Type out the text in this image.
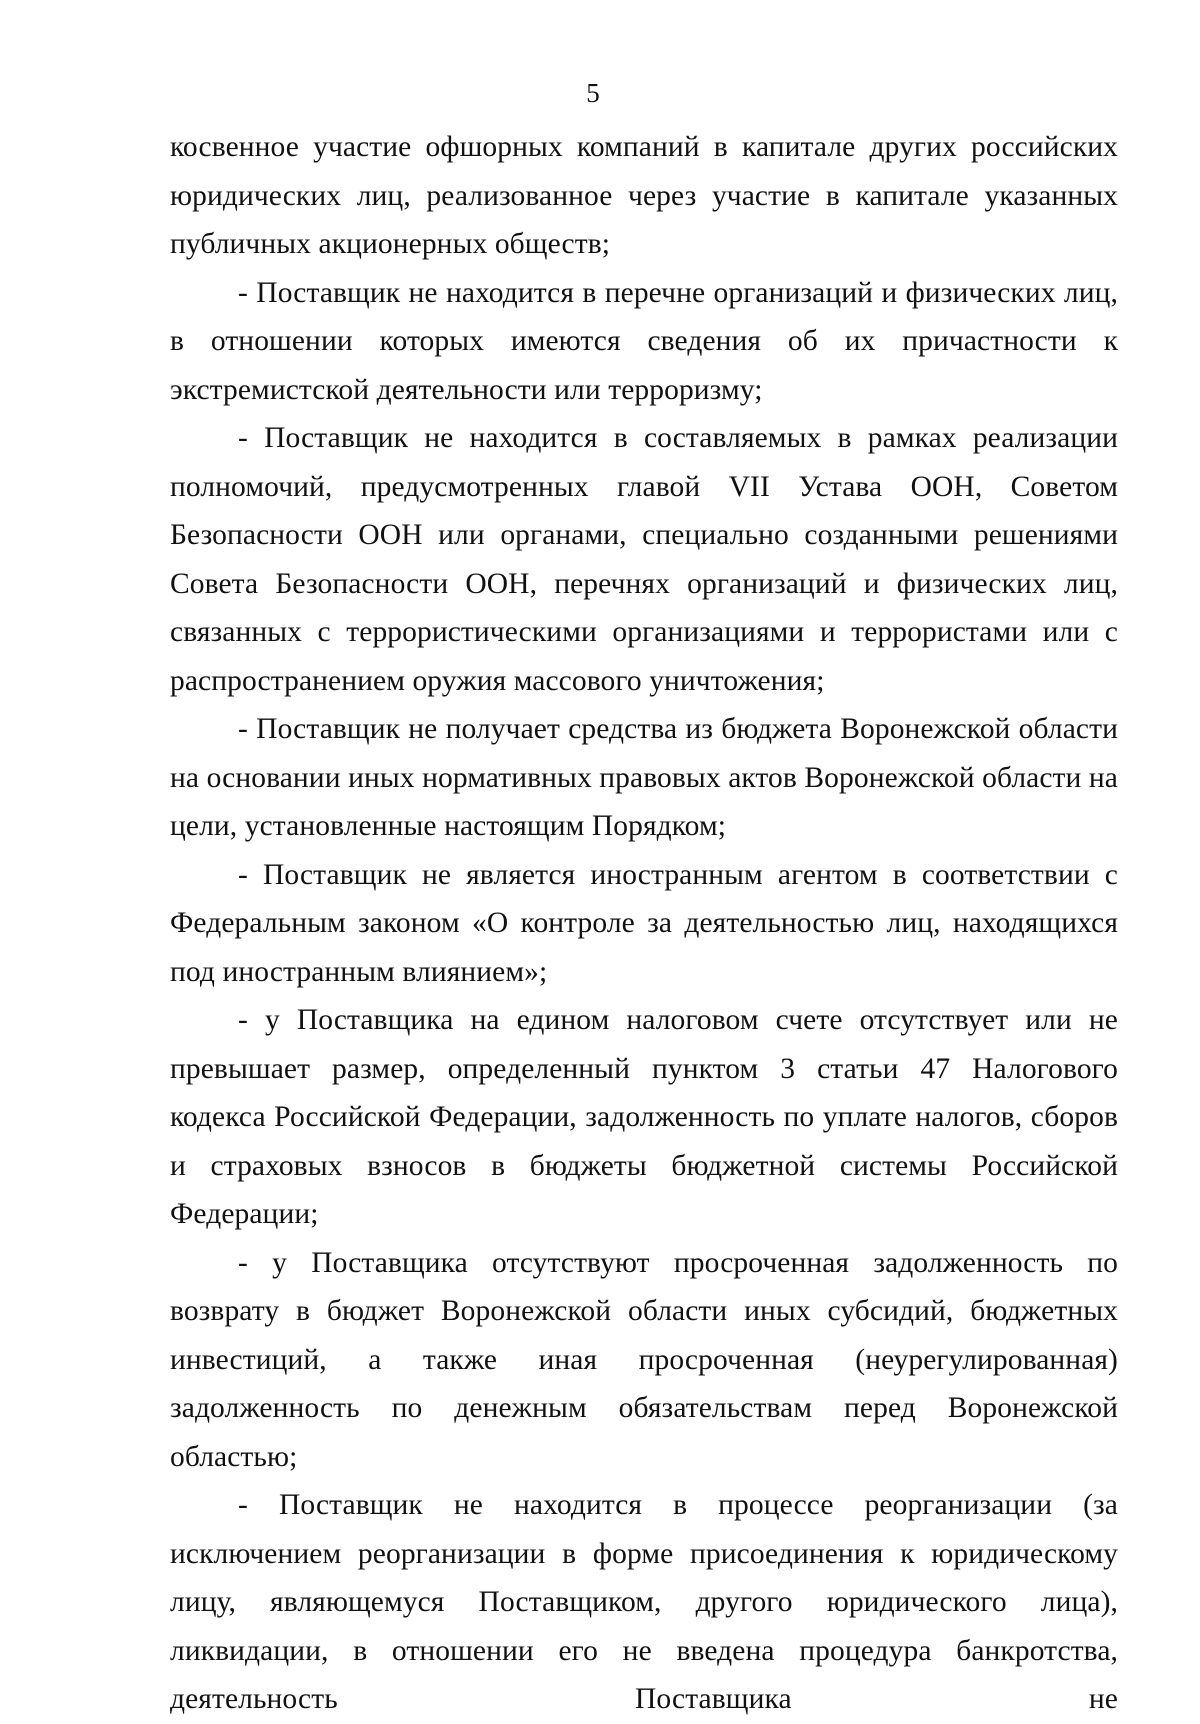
5

косвенное участие офшорных компаний в капитале других российских юридических лиц, реализованное через участие в капитале указанных публичных акционерных обществ;

- Поставщик не находится в перечне организаций и физических лиц, в отношении которых имеются сведения об их причастности к экстремистской деятельности или терроризму;

- Поставщик не находится в составляемых в рамках реализации полномочий, предусмотренных главой VII Устава ООН, Советом Безопасности ООН или органами, специально созданными решениями Совета Безопасности ООН, перечнях организаций и физических лиц, связанных с террористическими организациями и террористами или с распространением оружия массового уничтожения;

- Поставщик не получает средства из бюджета Воронежской области на основании иных нормативных правовых актов Воронежской области на цели, установленные настоящим Порядком;

- Поставщик не является иностранным агентом в соответствии с Федеральным законом «О контроле за деятельностью лиц, находящихся под иностранным влиянием»;

- у Поставщика на едином налоговом счете отсутствует или не превышает размер, определенный пунктом 3 статьи 47 Налогового кодекса Российской Федерации, задолженность по уплате налогов, сборов и страховых взносов в бюджеты бюджетной системы Российской Федерации;

- у Поставщика отсутствуют просроченная задолженность по возврату в бюджет Воронежской области иных субсидий, бюджетных инвестиций, а также иная просроченная (неурегулированная) задолженность по денежным обязательствам перед Воронежской областью;

- Поставщик не находится в процессе реорганизации (за исключением реорганизации в форме присоединения к юридическому лицу, являющемуся Поставщиком, другого юридического лица), ликвидации, в отношении его не введена процедура банкротства, деятельность Поставщика не
